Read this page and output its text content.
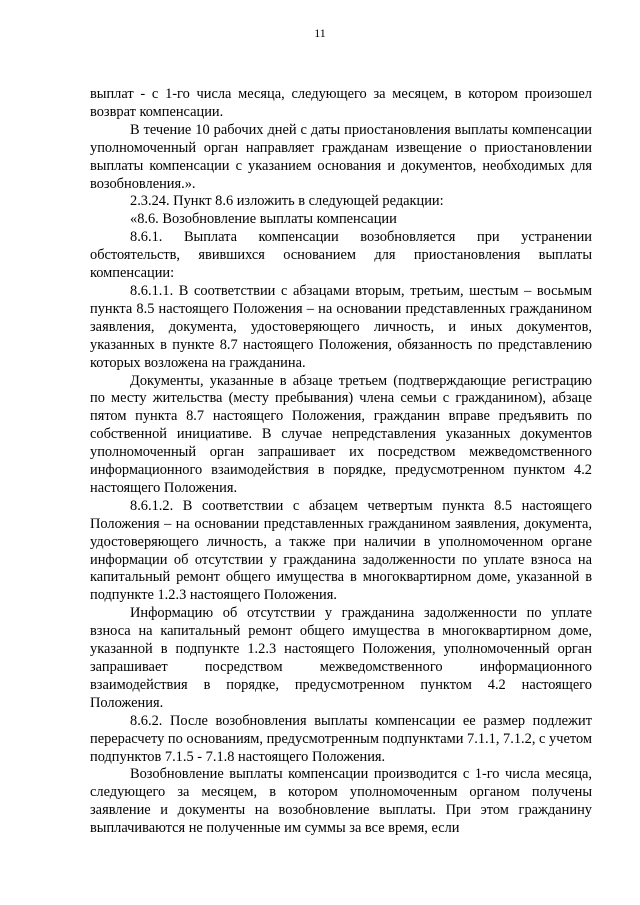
11

выплат - с 1-го числа месяца, следующего за месяцем, в котором произошел возврат компенсации.

В течение 10 рабочих дней с даты приостановления выплаты компенсации уполномоченный орган направляет гражданам извещение о приостановлении выплаты компенсации с указанием основания и документов, необходимых для возобновления.».

2.3.24. Пункт 8.6 изложить в следующей редакции:

«8.6. Возобновление выплаты компенсации

8.6.1. Выплата компенсации возобновляется при устранении обстоятельств, явившихся основанием для приостановления выплаты компенсации:

8.6.1.1. В соответствии с абзацами вторым, третьим, шестым – восьмым пункта 8.5 настоящего Положения – на основании представленных гражданином заявления, документа, удостоверяющего личность, и иных документов, указанных в пункте 8.7 настоящего Положения, обязанность по представлению которых возложена на гражданина.

Документы, указанные в абзаце третьем (подтверждающие регистрацию по месту жительства (месту пребывания) члена семьи с гражданином), абзаце пятом пункта 8.7 настоящего Положения, гражданин вправе предъявить по собственной инициативе. В случае непредставления указанных документов уполномоченный орган запрашивает их посредством межведомственного информационного взаимодействия в порядке, предусмотренном пунктом 4.2 настоящего Положения.

8.6.1.2. В соответствии с абзацем четвертым пункта 8.5 настоящего Положения – на основании представленных гражданином заявления, документа, удостоверяющего личность, а также при наличии в уполномоченном органе информации об отсутствии у гражданина задолженности по уплате взноса на капитальный ремонт общего имущества в многоквартирном доме, указанной в подпункте 1.2.3 настоящего Положения.

Информацию об отсутствии у гражданина задолженности по уплате взноса на капитальный ремонт общего имущества в многоквартирном доме, указанной в подпункте 1.2.3 настоящего Положения, уполномоченный орган запрашивает посредством межведомственного информационного взаимодействия в порядке, предусмотренном пунктом 4.2 настоящего Положения.

8.6.2. После возобновления выплаты компенсации ее размер подлежит перерасчету по основаниям, предусмотренным подпунктами 7.1.1, 7.1.2, с учетом подпунктов 7.1.5 - 7.1.8 настоящего Положения.

Возобновление выплаты компенсации производится с 1-го числа месяца, следующего за месяцем, в котором уполномоченным органом получены заявление и документы на возобновление выплаты. При этом гражданину выплачиваются не полученные им суммы за все время, если
